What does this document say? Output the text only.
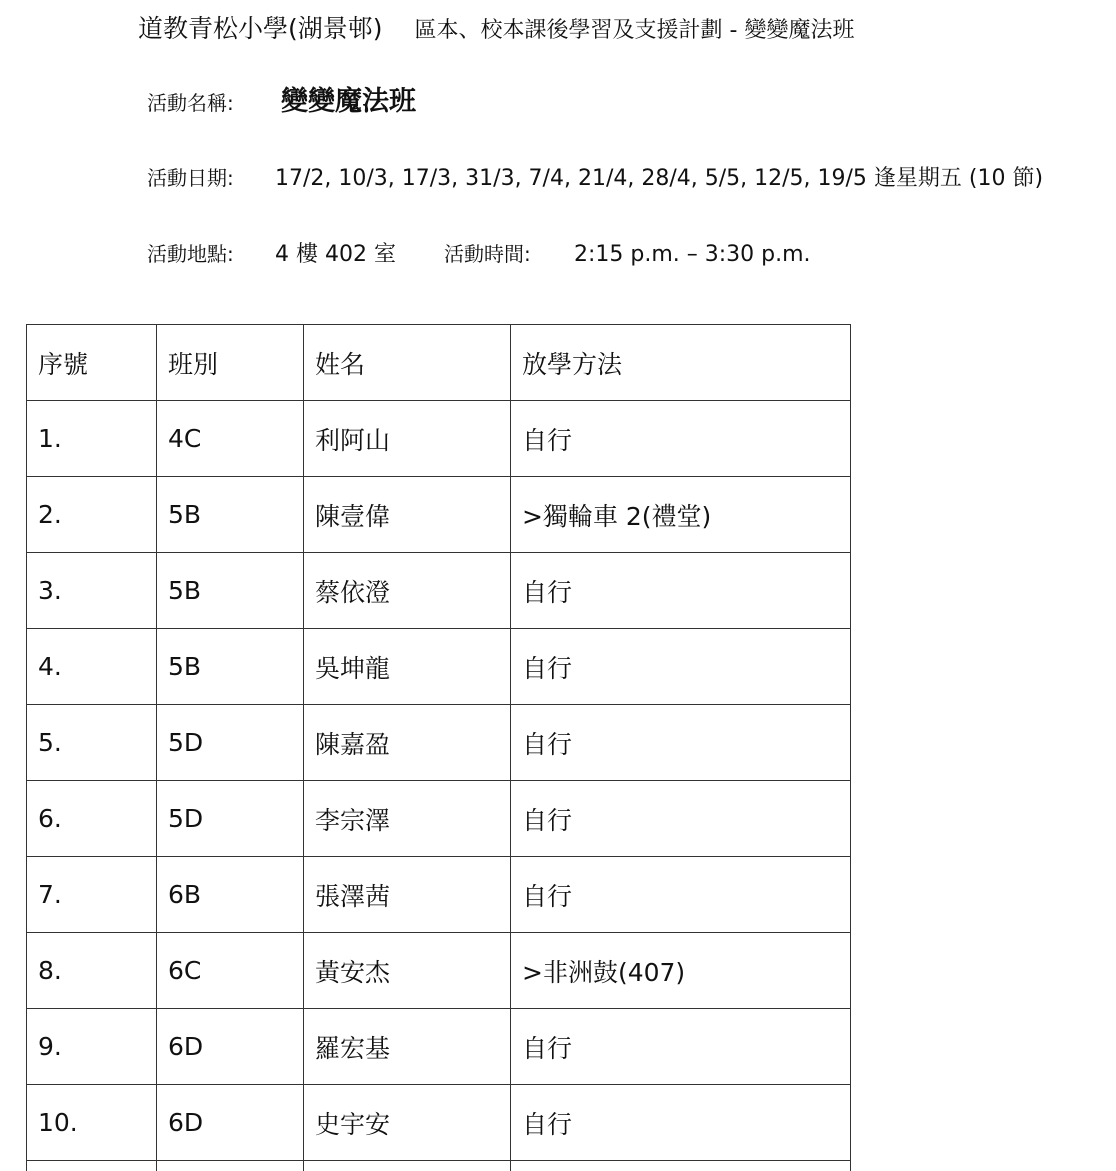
道教青松小學(湖景邨) 區本、校本課後學習及支援計劃 - 變變魔法班
活動名稱: 變變魔法班
活動日期: 17/2, 10/3, 17/3, 31/3, 7/4, 21/4, 28/4, 5/5, 12/5, 19/5 逢星期五 (10 節)
活動地點: 4 樓 402 室 活動時間: 2:15 p.m. – 3:30 p.m.
序號	班別	姓名	放學方法
1.	4C	利阿山	自行
2.	5B	陳壹偉	>獨輪車 2(禮堂)
3.	5B	蔡依澄	自行
4.	5B	吳坤龍	自行
5.	5D	陳嘉盈	自行
6.	5D	李宗澤	自行
7.	6B	張澤茜	自行
8.	6C	黃安杰	>非洲鼓(407)
9.	6D	羅宏基	自行
10.	6D	史宇安	自行
